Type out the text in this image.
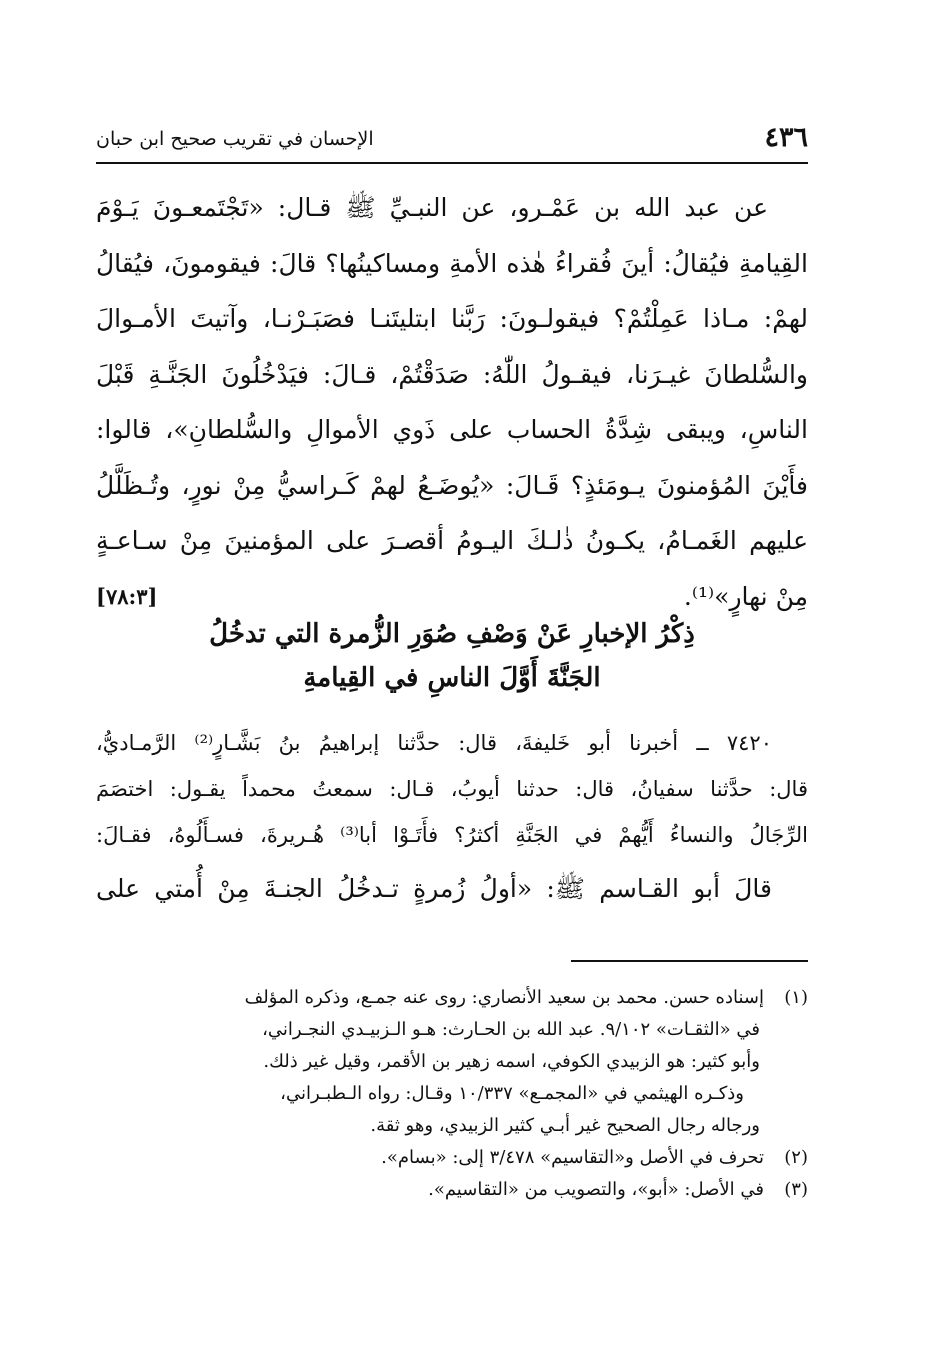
٤٣٦
الإحسان في تقريب صحيح ابن حبان
عن عبد الله بن عَمْـرو، عن النبـيِّ ﷺ قـال: «تَجْتَمعـونَ يَـوْمَ
القِيامةِ فيُقالُ: أينَ فُقراءُ هٰذه الأمةِ ومساكينُها؟ قالَ: فيقومونَ، فيُقالُ
لهمْ: مـاذا عَمِلْتُمْ؟ فيقولـونَ: رَبَّنا ابتليتَنـا فصَبَـرْنـا، وآتيتَ الأمـوالَ
والسُّلطانَ غيـرَنا، فيقـولُ اللّٰهُ: صَدَقْتُمْ، قـالَ: فيَدْخُلُونَ الجَنَّـةِ قَبْلَ
الناسِ، ويبقى شِدَّةُ الحساب على ذَوي الأموالِ والسُّلطانِ»، قالوا:
فأَيْنَ المُؤمنونَ يـومَئذٍ؟ قَـالَ: «يُوضَـعُ لهمْ كَـراسيُّ مِنْ نورٍ، وتُـظَلَّلُ
عليهم الغَمـامُ، يكـونُ ذٰلـكَ اليـومُ أقصـرَ على المؤمنينَ مِنْ سـاعـةٍ
مِنْ نهارٍ»⁽¹⁾.
[٧٨:٣]
ذِكْرُ الإخبارِ عَنْ وَصْفِ صُوَرِ الزُّمرة التي تدخُلُ
الجَنَّةَ أَوَّلَ الناسِ في القِيامةِ
٧٤٢٠ ــ أخبرنا أبو خَليفةَ، قال: حدَّثنا إبراهيمُ بنُ بَشَّـارٍ⁽²⁾ الرَّمـاديُّ،
قال: حدَّثنا سفيانُ، قال: حدثنا أيوبُ، قـال: سمعتُ محمداً يقـول: اختصَمَ
الرِّجَالُ والنساءُ أَيُّهمْ في الجَنَّةِ أكثرُ؟ فأَتَـوْا أبا⁽³⁾ هُـريرةَ، فسـأَلُوهُ، فقـالَ:
قالَ أبو القـاسم ﷺ: «أولُ زُمرةٍ تـدخُلُ الجنـةَ مِنْ أُمتي على
(١)إسناده حسن. محمد بن سعيد الأنصاري: روى عنه جمـع، وذكره المؤلف
في «الثقـات» ٩/١٠٢. عبد الله بن الحـارث: هـو الـزبيـدي النجـراني،
وأبو كثير: هو الزبيدي الكوفي، اسمه زهير بن الأقمر، وقيل غير ذلك.
وذكـره الهيثمي في «المجمـع» ١٠/٣٣٧ وقـال: رواه الـطبـراني،
ورجاله رجال الصحيح غير أبـي كثير الزبيدي، وهو ثقة.
(٢)تحرف في الأصل و«التقاسيم» ٣/٤٧٨ إلى: «بسام».
(٣)في الأصل: «أبو»، والتصويب من «التقاسيم».
